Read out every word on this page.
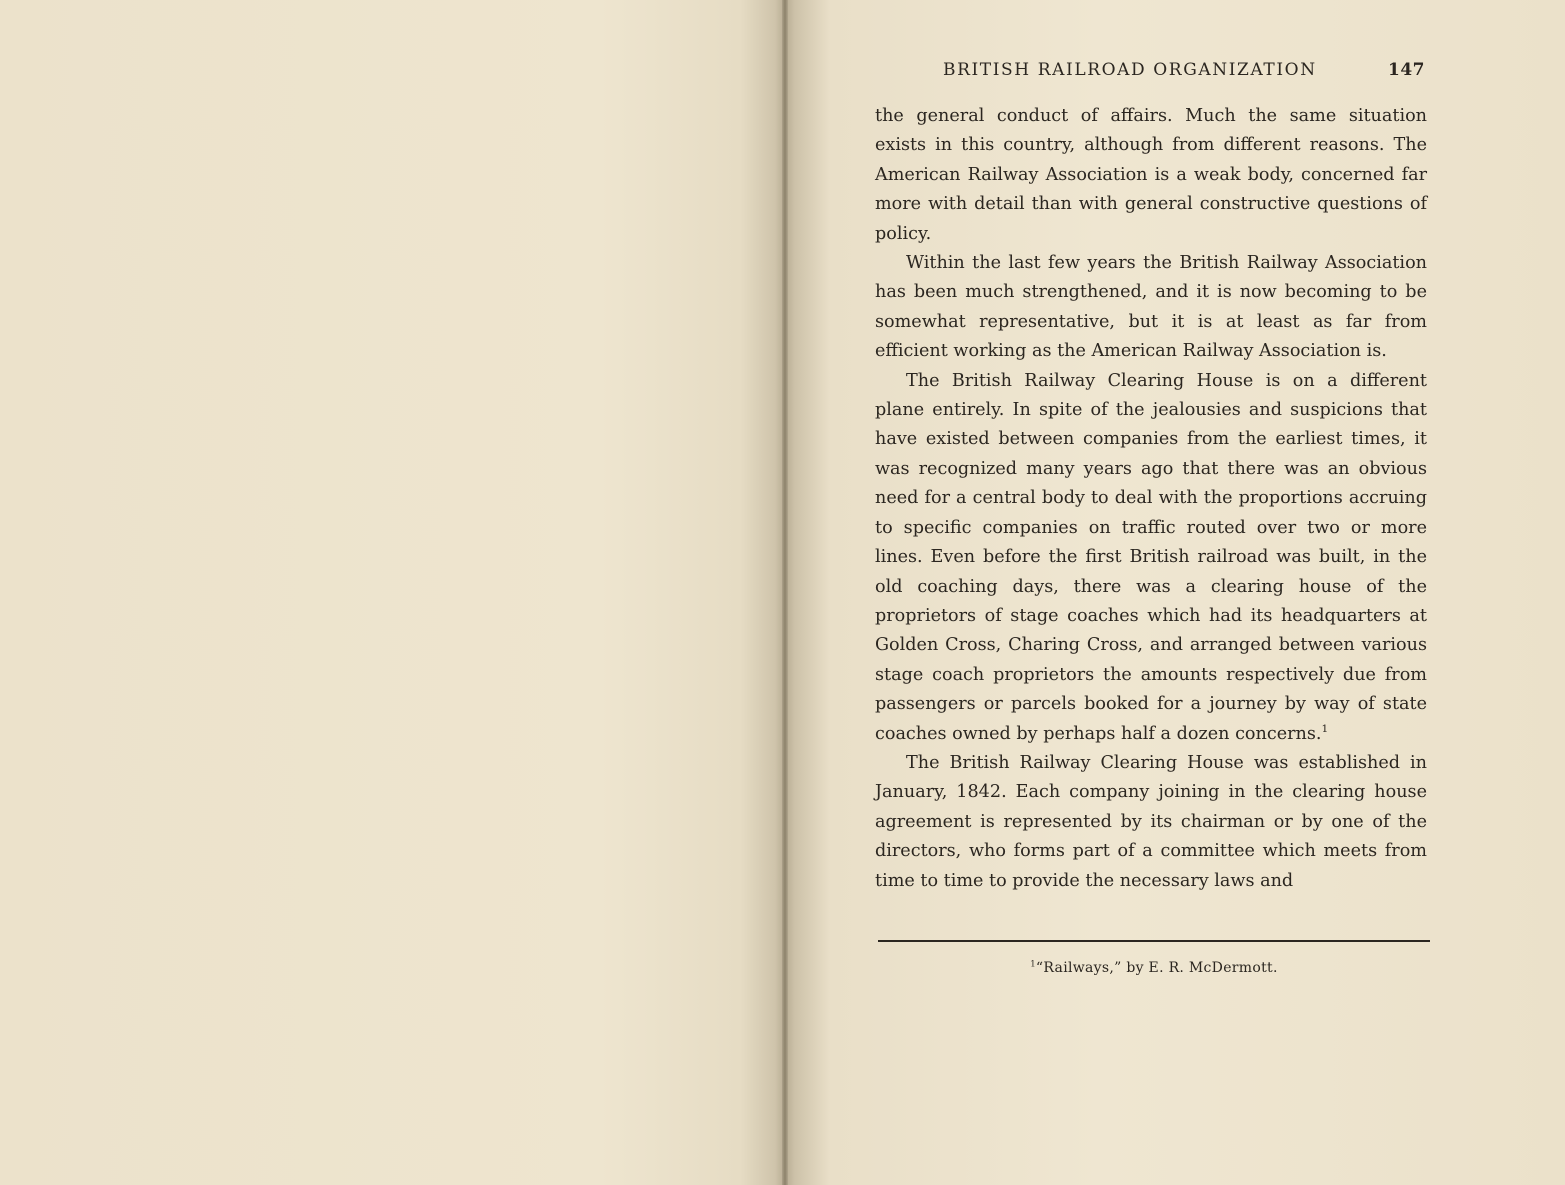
BRITISH RAILROAD ORGANIZATION	147

the general conduct of affairs. Much the same situation exists in this country, although from different reasons. The American Railway Association is a weak body, concerned far more with detail than with general constructive questions of policy.

Within the last few years the British Railway Association has been much strengthened, and it is now becoming to be somewhat representative, but it is at least as far from efficient working as the American Railway Association is.

The British Railway Clearing House is on a different plane entirely. In spite of the jealousies and suspicions that have existed between companies from the earliest times, it was recognized many years ago that there was an obvious need for a central body to deal with the proportions accruing to specific companies on traffic routed over two or more lines. Even before the first British railroad was built, in the old coaching days, there was a clearing house of the proprietors of stage coaches which had its headquarters at Golden Cross, Charing Cross, and arranged between various stage coach proprietors the amounts respectively due from passengers or parcels booked for a journey by way of state coaches owned by perhaps half a dozen concerns.$^1$

The British Railway Clearing House was established in January, 1842. Each company joining in the clearing house agreement is represented by its chairman or by one of the directors, who forms part of a committee which meets from time to time to provide the necessary laws and

$^1$“Railways,” by E. R. McDermott.
